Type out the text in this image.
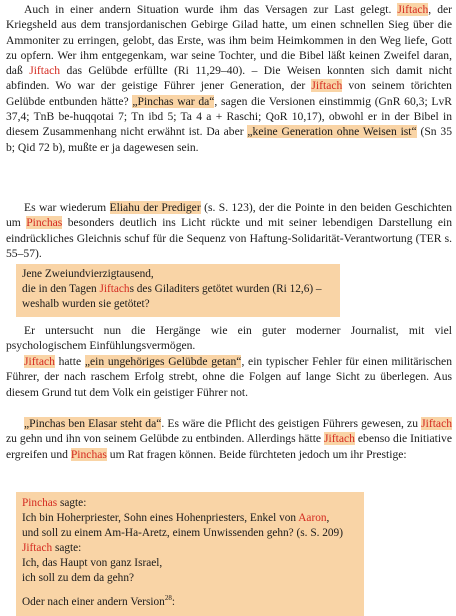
Auch in einer andern Situation wurde ihm das Versagen zur Last gelegt. Jiftach, der Kriegsheld aus dem transjordanischen Gebirge Gilad hatte, um einen schnellen Sieg über die Ammoniter zu erringen, gelobt, das Erste, was ihm beim Heimkommen in den Weg liefe, Gott zu opfern. Wer ihm entgegenkam, war seine Tochter, und die Bibel läßt keinen Zweifel daran, daß Jiftach das Gelübde erfüllte (Ri 11,29–40). – Die Weisen konnten sich damit nicht abfinden. Wo war der geistige Führer jener Generation, der Jiftach von seinem törichten Gelübde entbunden hätte? „Pinchas war da“, sagen die Versionen einstimmig (GnR 60,3; LvR 37,4; TnB be-huqqotai 7; Tn ibd 5; Ta 4 a + Raschi; QoR 10,17), obwohl er in der Bibel in diesem Zusammenhang nicht erwähnt ist. Da aber „keine Generation ohne Weisen ist“ (Sn 35 b; Qid 72 b), mußte er ja dagewesen sein.

Es war wiederum Eliahu der Prediger (s. S. 123), der die Pointe in den beiden Geschichten um Pinchas besonders deutlich ins Licht rückte und mit seiner lebendigen Darstellung ein eindrückliches Gleichnis schuf für die Sequenz von Haftung-Solidarität-Verantwortung (TER s. 55–57).

Jene Zweiundvierzigtausend,

die in den Tagen Jiftachs des Giladiters getötet wurden (Ri 12,6) –

weshalb wurden sie getötet?

Er untersucht nun die Hergänge wie ein guter moderner Journalist, mit viel psychologischem Einfühlungsvermögen.

Jiftach hatte „ein ungehöriges Gelübde getan“, ein typischer Fehler für einen militärischen Führer, der nach raschem Erfolg strebt, ohne die Folgen auf lange Sicht zu überlegen. Aus diesem Grund tut dem Volk ein geistiger Führer not.

„Pinchas ben Elasar steht da“. Es wäre die Pflicht des geistigen Führers gewesen, zu Jiftach zu gehn und ihn von seinem Gelübde zu entbinden. Allerdings hätte Jiftach ebenso die Initiative ergreifen und Pinchas um Rat fragen können. Beide fürchteten jedoch um ihr Prestige:

Pinchas sagte:

Ich bin Hoherpriester, Sohn eines Hohenpriesters, Enkel von Aaron,

und soll zu einem Am-Ha-Aretz, einem Unwissenden gehn? (s. S. 209)

Jiftach sagte:

Ich, das Haupt von ganz Israel,

ich soll zu dem da gehn?

Oder nach einer andern Version$^{28}$:
